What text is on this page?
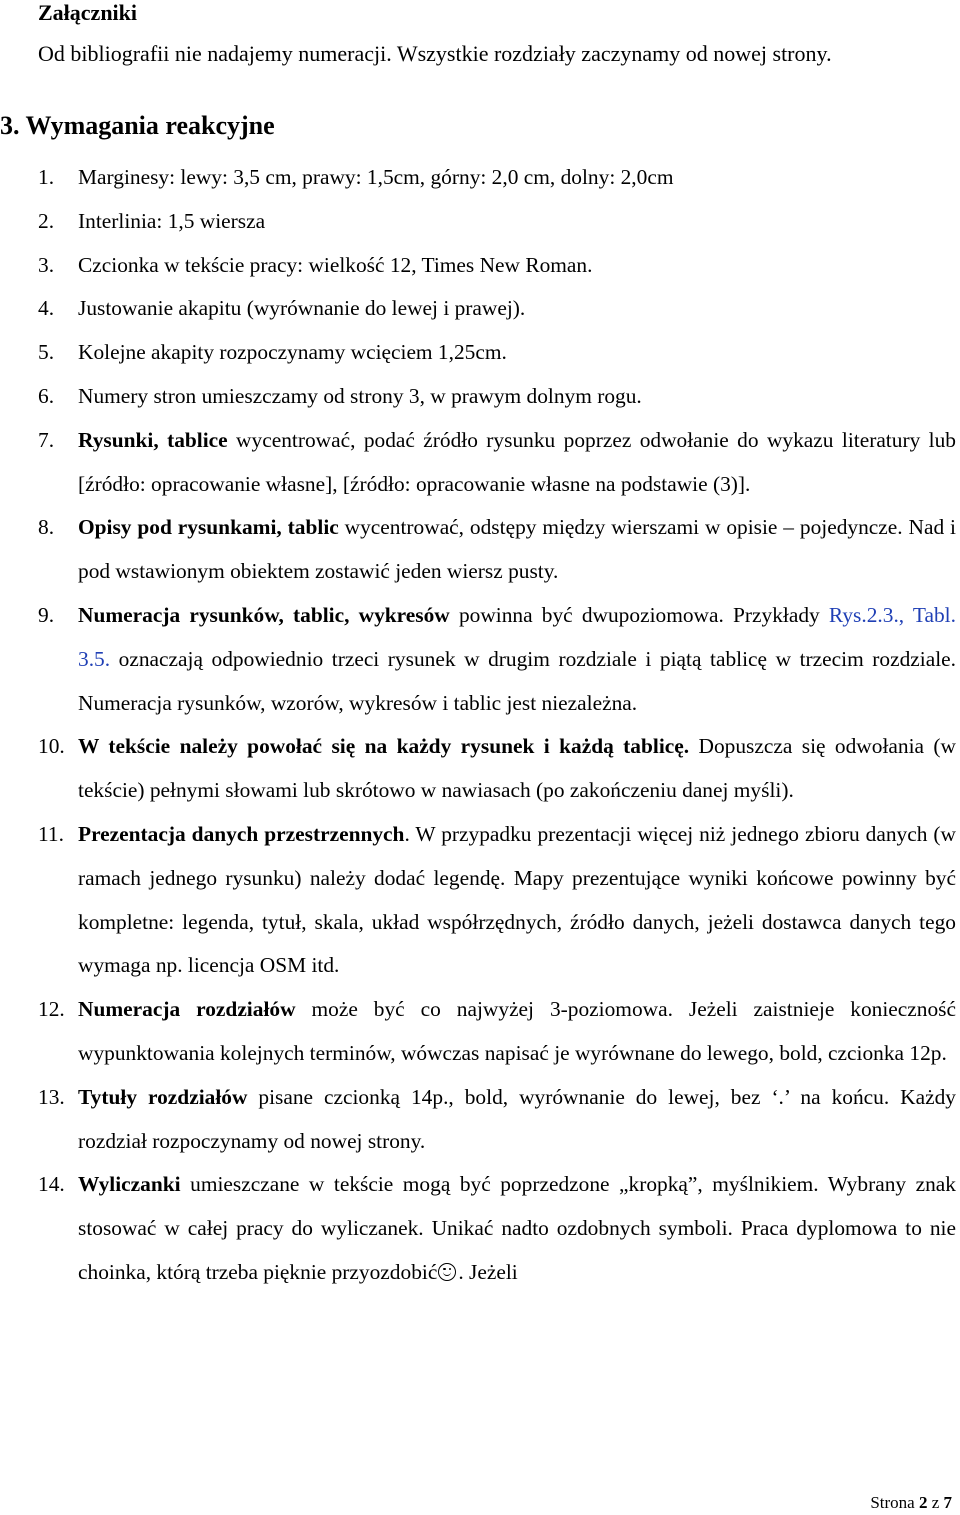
Załączniki
Od bibliografii nie nadajemy numeracji. Wszystkie rozdziały zaczynamy od nowej strony.
3. Wymagania reakcyjne
1. Marginesy: lewy: 3,5 cm, prawy: 1,5cm, górny: 2,0 cm, dolny: 2,0cm
2. Interlinia: 1,5 wiersza
3. Czcionka w tekście pracy: wielkość 12, Times New Roman.
4. Justowanie akapitu (wyrównanie do lewej i prawej).
5. Kolejne akapity rozpoczynamy wcięciem 1,25cm.
6. Numery stron umieszczamy od strony 3, w prawym dolnym rogu.
7. Rysunki, tablice wycentrować, podać źródło rysunku poprzez odwołanie do wykazu literatury lub [źródło: opracowanie własne], [źródło: opracowanie własne na podstawie (3)].
8. Opisy pod rysunkami, tablic wycentrować, odstępy między wierszami w opisie – pojedyncze. Nad i pod wstawionym obiektem zostawić jeden wiersz pusty.
9. Numeracja rysunków, tablic, wykresów powinna być dwupoziomowa. Przykłady Rys.2.3., Tabl. 3.5. oznaczają odpowiednio trzeci rysunek w drugim rozdziale i piątą tablicę w trzecim rozdziale. Numeracja rysunków, wzorów, wykresów i tablic jest niezależna.
10. W tekście należy powołać się na każdy rysunek i każdą tablicę. Dopuszcza się odwołania (w tekście) pełnymi słowami lub skrótowo w nawiasach (po zakończeniu danej myśli).
11. Prezentacja danych przestrzennych. W przypadku prezentacji więcej niż jednego zbioru danych (w ramach jednego rysunku) należy dodać legendę. Mapy prezentujące wyniki końcowe powinny być kompletne: legenda, tytuł, skala, układ współrzędnych, źródło danych, jeżeli dostawca danych tego wymaga np. licencja OSM itd.
12. Numeracja rozdziałów może być co najwyżej 3-poziomowa. Jeżeli zaistnieje konieczność wypunktowania kolejnych terminów, wówczas napisać je wyrównane do lewego, bold, czcionka 12p.
13. Tytuły rozdziałów pisane czcionką 14p., bold, wyrównanie do lewej, bez ‘.’ na końcu. Każdy rozdział rozpoczynamy od nowej strony.
14. Wyliczanki umieszczane w tekście mogą być poprzedzone „kropką”, myślnikiem. Wybrany znak stosować w całej pracy do wyliczanek. Unikać nadto ozdobnych symboli. Praca dyplomowa to nie choinka, którą trzeba pięknie przyozdobić . Jeżeli
Strona 2 z 7
